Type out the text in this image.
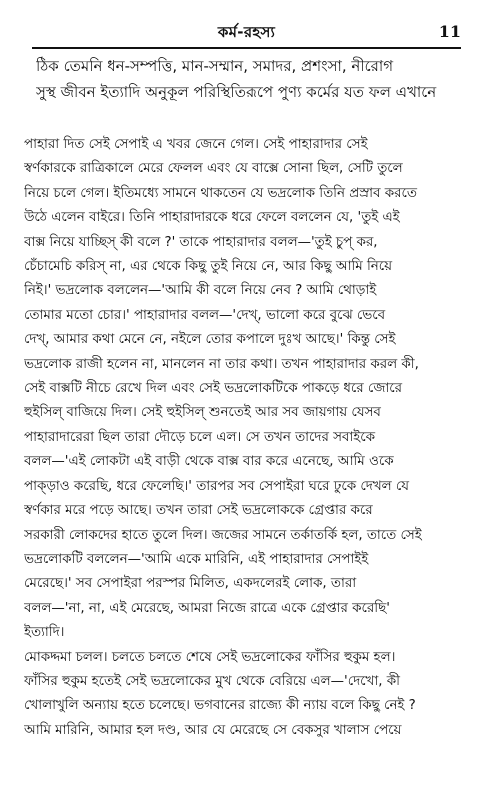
কর্ম-রহস্য	11
ঠিক তেমনি ধন-সম্পত্তি, মান-সম্মান, সমাদর, প্রশংসা, নীরোগ
সুস্থ জীবন ইত্যাদি অনুকূল পরিস্থিতিরূপে পুণ্য কর্মের যত ফল এখানে
পাহারা দিত সেই সেপাই এ খবর জেনে গেল। সেই পাহারাদার সেই
স্বর্ণকারকে রাত্রিকালে মেরে ফেলল এবং যে বাক্সে সোনা ছিল, সেটি তুলে
নিয়ে চলে গেল। ইতিমধ্যে সামনে থাকতেন যে ভদ্রলোক তিনি প্রস্রাব করতে
উঠে এলেন বাইরে। তিনি পাহারাদারকে ধরে ফেলে বললেন যে, 'তুই এই
বাক্স নিয়ে যাচ্ছিস্ কী বলে ?' তাকে পাহারাদার বলল—'তুই চুপ্ কর,
চেঁচামেচি করিস্ না, এর থেকে কিছু তুই নিয়ে নে, আর কিছু আমি নিয়ে
নিই।' ভদ্রলোক বললেন—'আমি কী বলে নিয়ে নেব ? আমি থোড়াই
তোমার মতো চোর।' পাহারাদার বলল—'দেখ্, ভালো করে বুঝে ভেবে
দেখ্, আমার কথা মেনে নে, নইলে তোর কপালে দুঃখ আছে।' কিন্তু সেই
ভদ্রলোক রাজী হলেন না, মানলেন না তার কথা। তখন পাহারাদার করল কী,
সেই বাক্সটি নীচে রেখে দিল এবং সেই ভদ্রলোকটিকে পাকড়ে ধরে জোরে
হুইসিল্ বাজিয়ে দিল। সেই হুইসিল্ শুনতেই আর সব জায়গায় যেসব
পাহারাদারেরা ছিল তারা দৌড়ে চলে এল। সে তখন তাদের সবাইকে
বলল—'এই লোকটা এই বাড়ী থেকে বাক্স বার করে এনেছে, আমি ওকে
পাক্ড়াও করেছি, ধরে ফেলেছি।' তারপর সব সেপাইরা ঘরে ঢুকে দেখল যে
স্বর্ণকার মরে পড়ে আছে। তখন তারা সেই ভদ্রলোককে গ্রেপ্তার করে
সরকারী লোকদের হাতে তুলে দিল। জজের সামনে তর্কাতর্কি হল, তাতে সেই
ভদ্রলোকটি বললেন—'আমি একে মারিনি, এই পাহারাদার সেপাইই
মেরেছে।' সব সেপাইরা পরস্পর মিলিত, একদলেরই লোক, তারা
বলল—'না, না, এই মেরেছে, আমরা নিজে রাত্রে একে গ্রেপ্তার করেছি'
ইত্যাদি।
মোকদ্দমা চলল। চলতে চলতে শেষে সেই ভদ্রলোকের ফাঁসির হুকুম হল।
ফাঁসির হুকুম হতেই সেই ভদ্রলোকের মুখ থেকে বেরিয়ে এল—'দেখো, কী
খোলাখুলি অন্যায় হতে চলেছে। ভগবানের রাজ্যে কী ন্যায় বলে কিছু নেই ?
আমি মারিনি, আমার হল দণ্ড, আর যে মেরেছে সে বেকসুর খালাস পেয়ে
